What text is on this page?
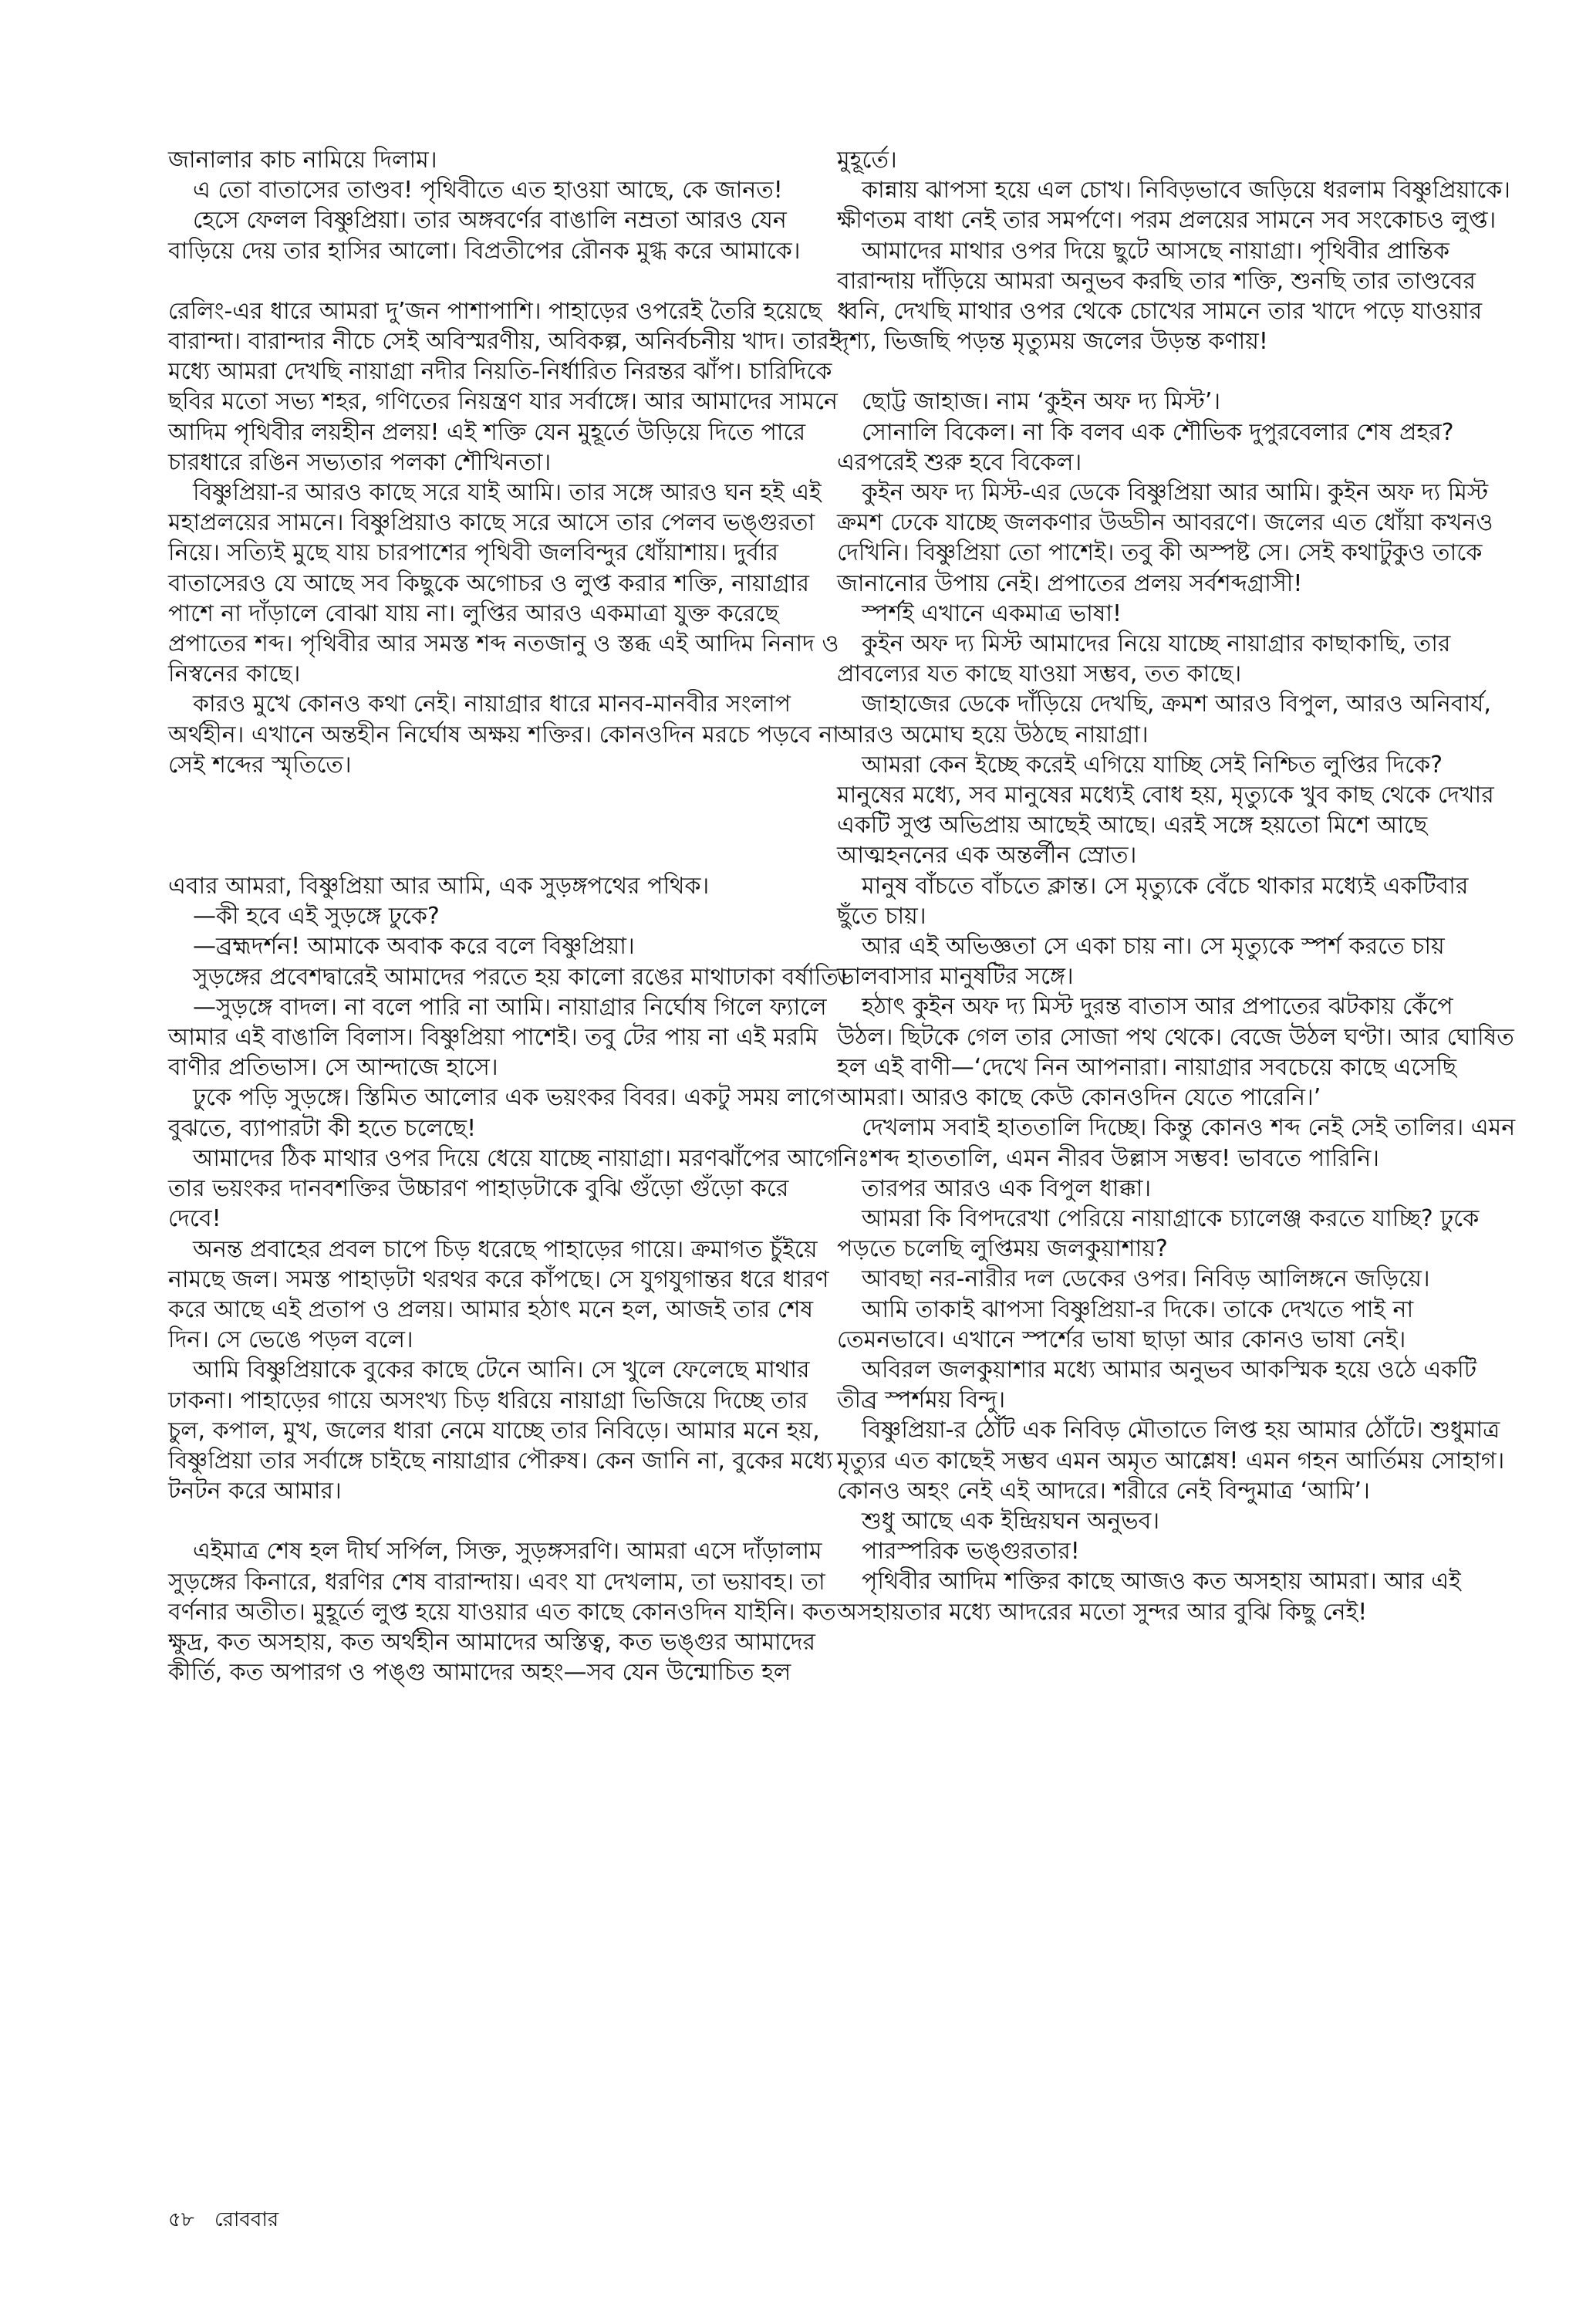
জানালার কাচ নামিয়ে দিলাম।

এ তো বাতাসের তাণ্ডব! পৃথিবীতে এত হাওয়া আছে, কে জানত!

হেসে ফেলল বিষ্ণুপ্রিয়া। তার অঙ্গবর্ণের বাঙালি নম্রতা আরও যেন বাড়িয়ে দেয় তার হাসির আলো। বিপ্রতীপের রৌনক মুগ্ধ করে আমাকে।

রেলিং-এর ধারে আমরা দু’জন পাশাপাশি। পাহাড়ের ওপরেই তৈরি হয়েছে বারান্দা। বারান্দার নীচে সেই অবিস্মরণীয়, অবিকল্প, অনির্বচনীয় খাদ। তারই মধ্যে আমরা দেখছি নায়াগ্রা নদীর নিয়তি-নির্ধারিত নিরন্তর ঝাঁপ। চারিদিকে ছবির মতো সভ্য শহর, গণিতের নিয়ন্ত্রণ যার সর্বাঙ্গে। আর আমাদের সামনে আদিম পৃথিবীর লয়হীন প্রলয়! এই শক্তি যেন মুহূর্তে উড়িয়ে দিতে পারে চারধারে রঙিন সভ্যতার পলকা শৌখিনতা।

বিষ্ণুপ্রিয়া-র আরও কাছে সরে যাই আমি। তার সঙ্গে আরও ঘন হই এই মহাপ্রলয়ের সামনে। বিষ্ণুপ্রিয়াও কাছে সরে আসে তার পেলব ভঙ্গুরতা নিয়ে। সত্যিই মুছে যায় চারপাশের পৃথিবী জলবিন্দুর ধোঁয়াশায়। দুর্বার বাতাসেরও যে আছে সব কিছুকে অগোচর ও লুপ্ত করার শক্তি, নায়াগ্রার পাশে না দাঁড়ালে বোঝা যায় না। লুপ্তির আরও একমাত্রা যুক্ত করেছে প্রপাতের শব্দ। পৃথিবীর আর সমস্ত শব্দ নতজানু ও স্তব্ধ এই আদিম নিনাদ ও নিস্বনের কাছে।

কারও মুখে কোনও কথা নেই। নায়াগ্রার ধারে মানব-মানবীর সংলাপ অর্থহীন। এখানে অন্তহীন নির্ঘোষ অক্ষয় শক্তির। কোনওদিন মরচে পড়বে না সেই শব্দের স্মৃতিতে।

এবার আমরা, বিষ্ণুপ্রিয়া আর আমি, এক সুড়ঙ্গপথের পথিক।

—কী হবে এই সুড়ঙ্গে ঢুকে?

—ব্রহ্মদর্শন! আমাকে অবাক করে বলে বিষ্ণুপ্রিয়া।

সুড়ঙ্গের প্রবেশদ্বারেই আমাদের পরতে হয় কালো রঙের মাথাঢাকা বর্ষাতি।

—সুড়ঙ্গে বাদল। না বলে পারি না আমি। নায়াগ্রার নির্ঘোষ গিলে ফ্যালে আমার এই বাঙালি বিলাস। বিষ্ণুপ্রিয়া পাশেই। তবু টের পায় না এই মরমি বাণীর প্রতিভাস। সে আন্দাজে হাসে।

ঢুকে পড়ি সুড়ঙ্গে। স্তিমিত আলোর এক ভয়ংকর বিবর। একটু সময় লাগে বুঝতে, ব্যাপারটা কী হতে চলেছে!

আমাদের ঠিক মাথার ওপর দিয়ে ধেয়ে যাচ্ছে নায়াগ্রা। মরণঝাঁপের আগে তার ভয়ংকর দানবশক্তির উচ্চারণ পাহাড়টাকে বুঝি গুঁড়ো গুঁড়ো করে দেবে!

অনন্ত প্রবাহের প্রবল চাপে চিড় ধরেছে পাহাড়ের গায়ে। ক্রমাগত চুঁইয়ে নামছে জল। সমস্ত পাহাড়টা থরথর করে কাঁপছে। সে যুগযুগান্তর ধরে ধারণ করে আছে এই প্রতাপ ও প্রলয়। আমার হঠাৎ মনে হল, আজই তার শেষ দিন। সে ভেঙে পড়ল বলে।

আমি বিষ্ণুপ্রিয়াকে বুকের কাছে টেনে আনি। সে খুলে ফেলেছে মাথার ঢাকনা। পাহাড়ের গায়ে অসংখ্য চিড় ধরিয়ে নায়াগ্রা ভিজিয়ে দিচ্ছে তার চুল, কপাল, মুখ, জলের ধারা নেমে যাচ্ছে তার নিবিড়ে। আমার মনে হয়, বিষ্ণুপ্রিয়া তার সর্বাঙ্গে চাইছে নায়াগ্রার পৌরুষ। কেন জানি না, বুকের মধ্যে টনটন করে আমার।

এইমাত্র শেষ হল দীর্ঘ সর্পিল, সিক্ত, সুড়ঙ্গসরণি। আমরা এসে দাঁড়ালাম সুড়ঙ্গের কিনারে, ধরণির শেষ বারান্দায়। এবং যা দেখলাম, তা ভয়াবহ। তা বর্ণনার অতীত। মুহূর্তে লুপ্ত হয়ে যাওয়ার এত কাছে কোনওদিন যাইনি। কত ক্ষুদ্র, কত অসহায়, কত অর্থহীন আমাদের অস্তিত্ব, কত ভঙ্গুর আমাদের কীর্তি, কত অপারগ ও পঙ্গু আমাদের অহং—সব যেন উন্মোচিত হল

মুহূর্তে।

কান্নায় ঝাপসা হয়ে এল চোখ। নিবিড়ভাবে জড়িয়ে ধরলাম বিষ্ণুপ্রিয়াকে। ক্ষীণতম বাধা নেই তার সমর্পণে। পরম প্রলয়ের সামনে সব সংকোচও লুপ্ত।

আমাদের মাথার ওপর দিয়ে ছুটে আসছে নায়াগ্রা। পৃথিবীর প্রান্তিক বারান্দায় দাঁড়িয়ে আমরা অনুভব করছি তার শক্তি, শুনছি তার তাণ্ডবের ধ্বনি, দেখছি মাথার ওপর থেকে চোখের সামনে তার খাদে পড়ে যাওয়ার দৃশ্য, ভিজছি পড়ন্ত মৃত্যুময় জলের উড়ন্ত কণায়!

ছোট্ট জাহাজ। নাম ‘কুইন অফ দ্য মিস্ট’।

সোনালি বিকেল। না কি বলব এক শৌভিক দুপুরবেলার শেষ প্রহর? এরপরেই শুরু হবে বিকেল।

কুইন অফ দ্য মিস্ট-এর ডেকে বিষ্ণুপ্রিয়া আর আমি। কুইন অফ দ্য মিস্ট ক্রমশ ঢেকে যাচ্ছে জলকণার উড্ডীন আবরণে। জলের এত ধোঁয়া কখনও দেখিনি। বিষ্ণুপ্রিয়া তো পাশেই। তবু কী অস্পষ্ট সে। সেই কথাটুকুও তাকে জানানোর উপায় নেই। প্রপাতের প্রলয় সর্বশব্দগ্রাসী!

স্পর্শই এখানে একমাত্র ভাষা!

কুইন অফ দ্য মিস্ট আমাদের নিয়ে যাচ্ছে নায়াগ্রার কাছাকাছি, তার প্রাবল্যের যত কাছে যাওয়া সম্ভব, তত কাছে।

জাহাজের ডেকে দাঁড়িয়ে দেখছি, ক্রমশ আরও বিপুল, আরও অনিবার্য, আরও অমোঘ হয়ে উঠছে নায়াগ্রা।

আমরা কেন ইচ্ছে করেই এগিয়ে যাচ্ছি সেই নিশ্চিত লুপ্তির দিকে? মানুষের মধ্যে, সব মানুষের মধ্যেই বোধ হয়, মৃত্যুকে খুব কাছ থেকে দেখার একটি সুপ্ত অভিপ্রায় আছেই আছে। এরই সঙ্গে হয়তো মিশে আছে আত্মহননের এক অন্তর্লীন স্রোত।

মানুষ বাঁচতে বাঁচতে ক্লান্ত। সে মৃত্যুকে বেঁচে থাকার মধ্যেই একটিবার ছুঁতে চায়।

আর এই অভিজ্ঞতা সে একা চায় না। সে মৃত্যুকে স্পর্শ করতে চায় ভালবাসার মানুষটির সঙ্গে।

হঠাৎ কুইন অফ দ্য মিস্ট দুরন্ত বাতাস আর প্রপাতের ঝটকায় কেঁপে উঠল। ছিটকে গেল তার সোজা পথ থেকে। বেজে উঠল ঘণ্টা। আর ঘোষিত হল এই বাণী—‘দেখে নিন আপনারা। নায়াগ্রার সবচেয়ে কাছে এসেছি আমরা। আরও কাছে কেউ কোনওদিন যেতে পারেনি।’

দেখলাম সবাই হাততালি দিচ্ছে। কিন্তু কোনও শব্দ নেই সেই তালির। এমন নিঃশব্দ হাততালি, এমন নীরব উল্লাস সম্ভব! ভাবতে পারিনি।

তারপর আরও এক বিপুল ধাক্কা।

আমরা কি বিপদরেখা পেরিয়ে নায়াগ্রাকে চ্যালেঞ্জ করতে যাচ্ছি? ঢুকে পড়তে চলেছি লুপ্তিময় জলকুয়াশায়?

আবছা নর-নারীর দল ডেকের ওপর। নিবিড় আলিঙ্গনে জড়িয়ে।

আমি তাকাই ঝাপসা বিষ্ণুপ্রিয়া-র দিকে। তাকে দেখতে পাই না তেমনভাবে। এখানে স্পর্শের ভাষা ছাড়া আর কোনও ভাষা নেই।

অবিরল জলকুয়াশার মধ্যে আমার অনুভব আকস্মিক হয়ে ওঠে একটি তীব্র স্পর্শময় বিন্দু।

বিষ্ণুপ্রিয়া-র ঠোঁট এক নিবিড় মৌতাতে লিপ্ত হয় আমার ঠোঁটে। শুধুমাত্র মৃত্যুর এত কাছেই সম্ভব এমন অমৃত আশ্লেষ! এমন গহন আর্তিময় সোহাগ। কোনও অহং নেই এই আদরে। শরীরে নেই বিন্দুমাত্র ‘আমি’।

শুধু আছে এক ইন্দ্রিয়ঘন অনুভব।

পারস্পরিক ভঙ্গুরতার!

পৃথিবীর আদিম শক্তির কাছে আজও কত অসহায় আমরা। আর এই অসহায়তার মধ্যে আদরের মতো সুন্দর আর বুঝি কিছু নেই!

৫৮ রোববার
